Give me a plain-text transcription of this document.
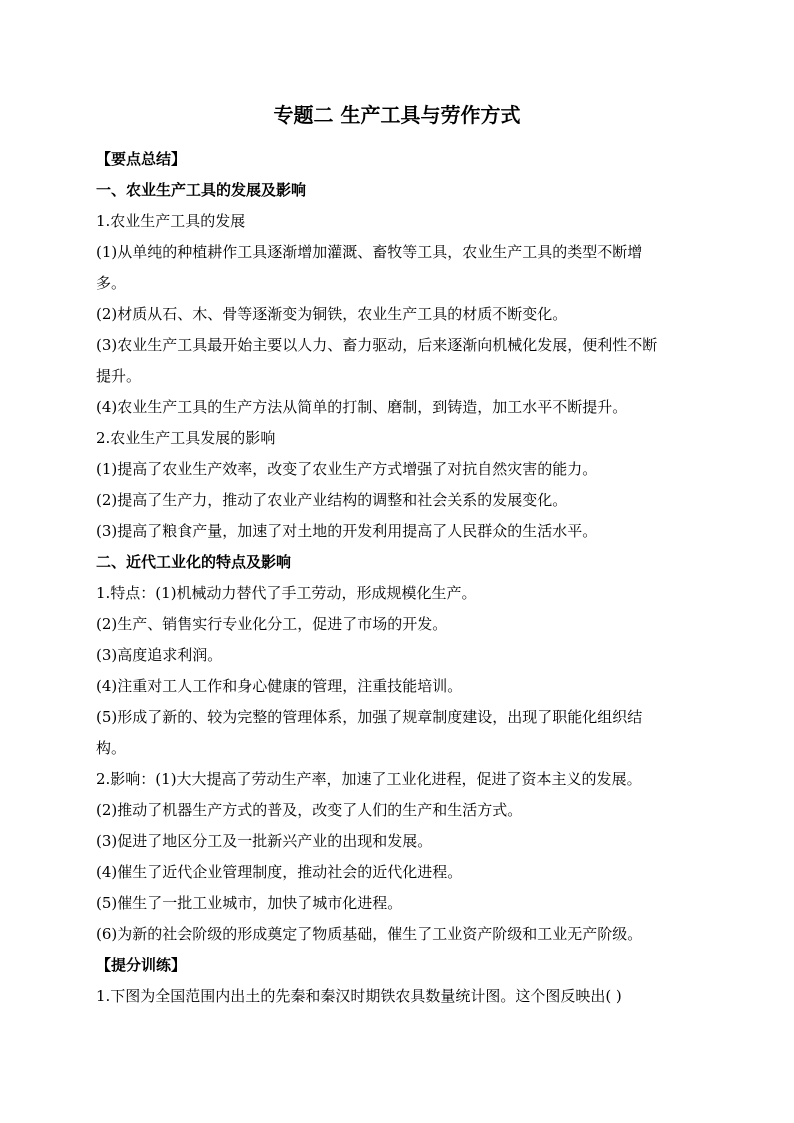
专题二 生产工具与劳作方式
【要点总结】
一、农业生产工具的发展及影响
1.农业生产工具的发展
(1)从单纯的种植耕作工具逐渐增加灌溉、畜牧等工具，农业生产工具的类型不断增
多。
(2)材质从石、木、骨等逐渐变为铜铁，农业生产工具的材质不断变化。
(3)农业生产工具最开始主要以人力、畜力驱动，后来逐渐向机械化发展，便利性不断
提升。
(4)农业生产工具的生产方法从简单的打制、磨制，到铸造，加工水平不断提升。
2.农业生产工具发展的影响
(1)提高了农业生产效率，改变了农业生产方式增强了对抗自然灾害的能力。
(2)提高了生产力，推动了农业产业结构的调整和社会关系的发展变化。
(3)提高了粮食产量，加速了对土地的开发利用提高了人民群众的生活水平。
二、近代工业化的特点及影响
1.特点：(1)机械动力替代了手工劳动，形成规模化生产。
(2)生产、销售实行专业化分工，促进了市场的开发。
(3)高度追求利润。
(4)注重对工人工作和身心健康的管理，注重技能培训。
(5)形成了新的、较为完整的管理体系，加强了规章制度建设，出现了职能化组织结
构。
2.影响：(1)大大提高了劳动生产率，加速了工业化进程，促进了资本主义的发展。
(2)推动了机器生产方式的普及，改变了人们的生产和生活方式。
(3)促进了地区分工及一批新兴产业的出现和发展。
(4)催生了近代企业管理制度，推动社会的近代化进程。
(5)催生了一批工业城市，加快了城市化进程。
(6)为新的社会阶级的形成奠定了物质基础，催生了工业资产阶级和工业无产阶级。
【提分训练】
1.下图为全国范围内出土的先秦和秦汉时期铁农具数量统计图。这个图反映出( )
